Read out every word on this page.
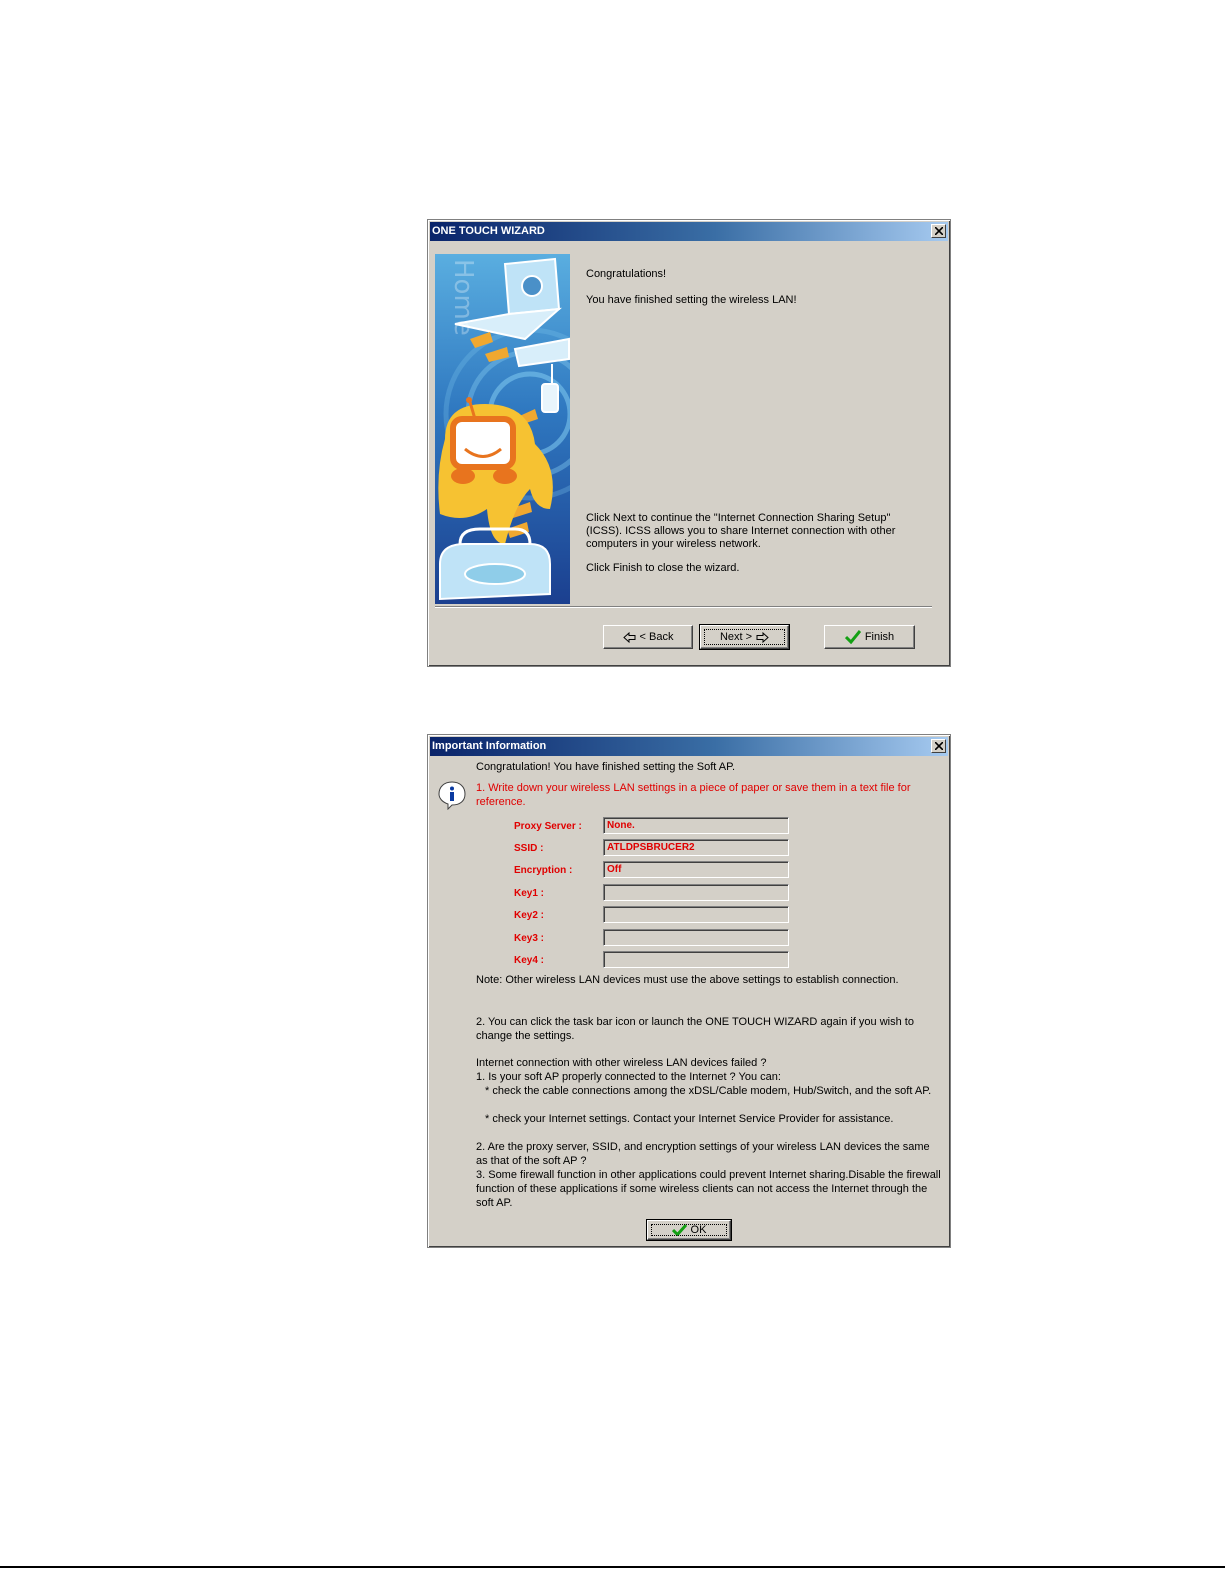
ONE TOUCH WIZARD
Home	Congratulations!
You have finished setting the wireless LAN!
Click Next to continue the "Internet Connection Sharing Setup"(ICSS). ICSS allows you to share Internet connection with other computers in your wireless network.
Click Finish to close the wizard.
< Back	Next >	Finish
Important Information
Congratulation! You have finished setting the Soft AP.
1. Write down your wireless LAN settings in a piece of paper or save them in a text file for reference.
Proxy Server :	None.
SSID :	ATLDPSBRUCER2
Encryption :	Off
Key1 :
Key2 :
Key3 :
Key4 :
Note: Other wireless LAN devices must use the above settings to establish connection.
2. You can click the task bar icon or launch the ONE TOUCH WIZARD again if you wish to change the settings.
Internet connection with other wireless LAN devices failed ?
1. Is your soft AP properly connected to the Internet ? You can:
* check the cable connections among the xDSL/Cable modem, Hub/Switch, and the soft AP.
* check your Internet settings. Contact your Internet Service Provider for assistance.
2. Are the proxy server, SSID, and encryption settings of your wireless LAN devices the same as that of the soft AP ?
3. Some firewall function in other applications could prevent Internet sharing.Disable the firewall function of these applications if some wireless clients can not access the Internet through the soft AP.
OK
